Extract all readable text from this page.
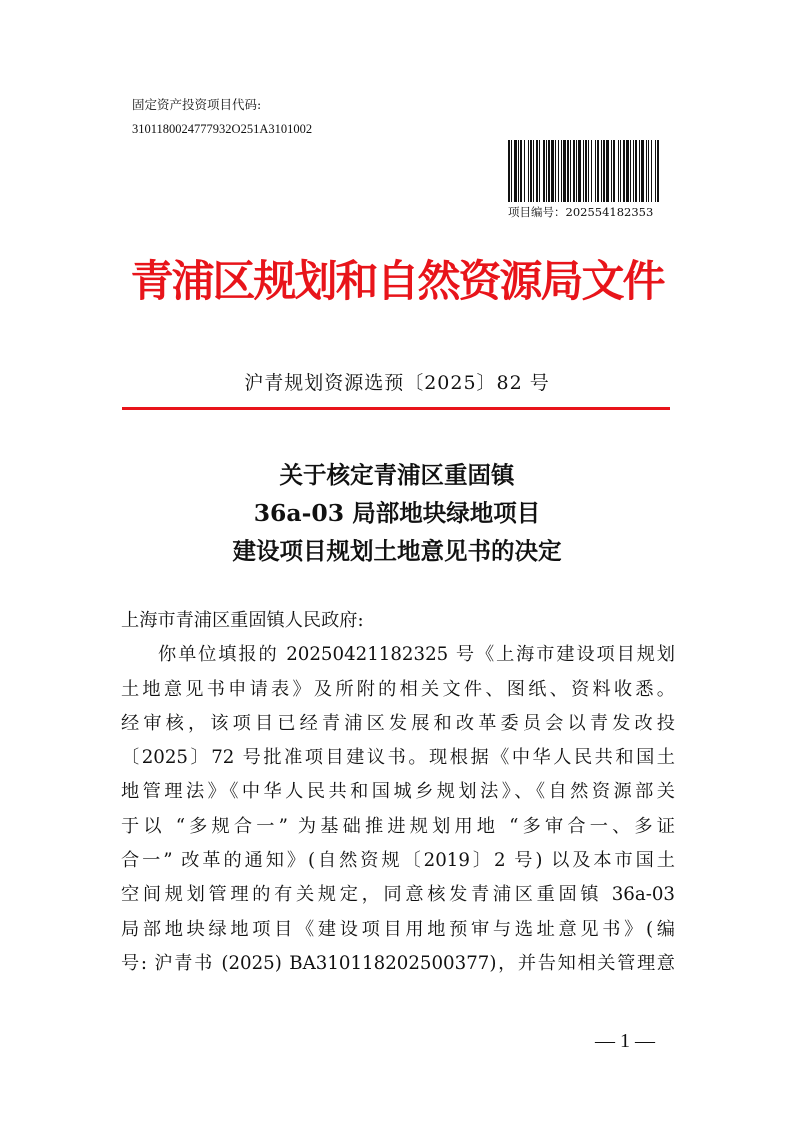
固定资产投资项目代码:
3101180024777932O251A3101002
项目编号：202554182353
青浦区规划和自然资源局文件
沪青规划资源选预〔2025〕82 号
关于核定青浦区重固镇
36a-03 局部地块绿地项目
建设项目规划土地意见书的决定
上海市青浦区重固镇人民政府:
你单位填报的 20250421182325 号《上海市建设项目规划
土地意见书申请表》及所附的相关文件、图纸、资料收悉。
经审核，该项目已经青浦区发展和改革委员会以青发改投
〔2025〕72 号批准项目建议书。现根据《中华人民共和国土
地管理法》《中华人民共和国城乡规划法》、《自然资源部关
于以 “多规合一” 为基础推进规划用地 “多审合一、多证
合一” 改革的通知》(自然资规〔2019〕2 号) 以及本市国土
空间规划管理的有关规定，同意核发青浦区重固镇 36a-03
局部地块绿地项目《建设项目用地预审与选址意见书》(编
号: 沪青书 (2025) BA310118202500377)，并告知相关管理意
— 1 —
